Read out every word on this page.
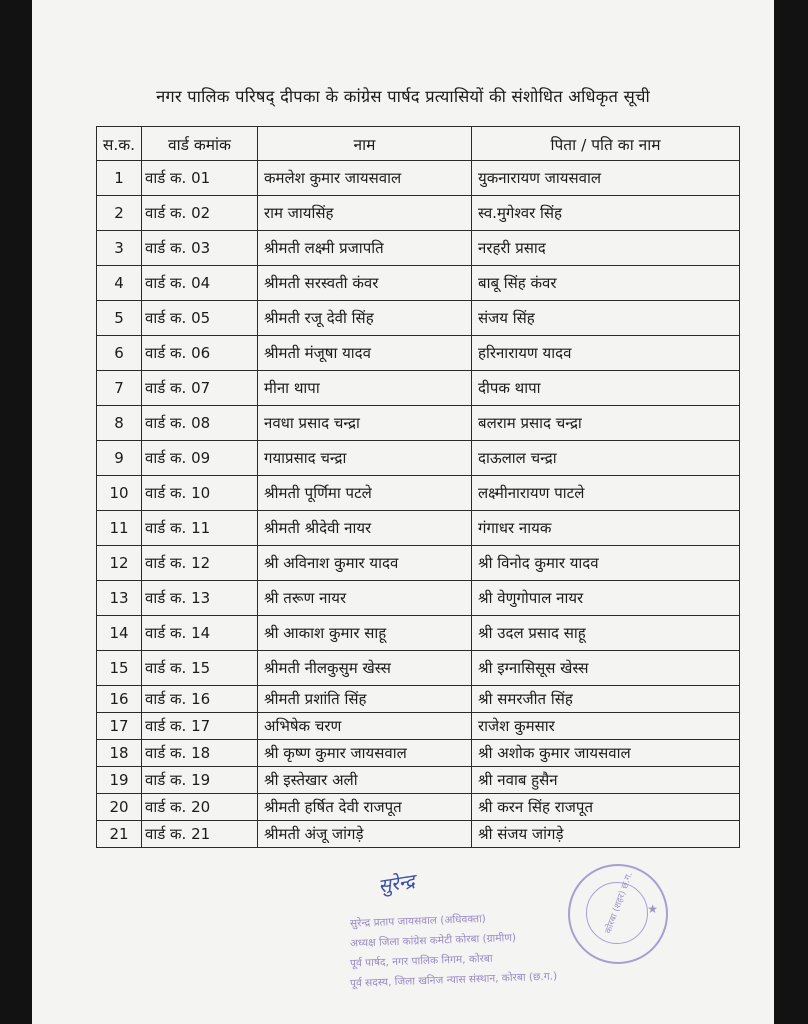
नगर पालिक परिषद् दीपका के कांग्रेस पार्षद प्रत्यासियों की संशोधित अधिकृत सूची
स.क.	वार्ड कमांक	नाम	पिता / पति का नाम
1	वार्ड क. 01	कमलेश कुमार जायसवाल	युकनारायण जायसवाल
2	वार्ड क. 02	राम जायसिंह	स्व.मुगेश्वर सिंह
3	वार्ड क. 03	श्रीमती लक्ष्मी प्रजापति	नरहरी प्रसाद
4	वार्ड क. 04	श्रीमती सरस्वती कंवर	बाबू सिंह कंवर
5	वार्ड क. 05	श्रीमती रजू देवी सिंह	संजय सिंह
6	वार्ड क. 06	श्रीमती मंजूषा यादव	हरिनारायण यादव
7	वार्ड क. 07	मीना थापा	दीपक थापा
8	वार्ड क. 08	नवधा प्रसाद चन्द्रा	बलराम प्रसाद चन्द्रा
9	वार्ड क. 09	गयाप्रसाद चन्द्रा	दाऊलाल चन्द्रा
10	वार्ड क. 10	श्रीमती पूर्णिमा पटले	लक्ष्मीनारायण पाटले
11	वार्ड क. 11	श्रीमती श्रीदेवी नायर	गंगाधर नायक
12	वार्ड क. 12	श्री अविनाश कुमार यादव	श्री विनोद कुमार यादव
13	वार्ड क. 13	श्री तरूण नायर	श्री वेणुगोपाल नायर
14	वार्ड क. 14	श्री आकाश कुमार साहू	श्री उदल प्रसाद साहू
15	वार्ड क. 15	श्रीमती नीलकुसुम खेस्स	श्री इग्नासिसूस खेस्स
16	वार्ड क. 16	श्रीमती प्रशांति सिंह	श्री समरजीत सिंह
17	वार्ड क. 17	अभिषेक चरण	राजेश कुमसार
18	वार्ड क. 18	श्री कृष्ण कुमार जायसवाल	श्री अशोक कुमार जायसवाल
19	वार्ड क. 19	श्री इस्तेखार अली	श्री नवाब हुसैन
20	वार्ड क. 20	श्रीमती हर्षित देवी राजपूत	श्री करन सिंह राजपूत
21	वार्ड क. 21	श्रीमती अंजू जांगड़े	श्री संजय जांगड़े
सुरेन्द्र
सुरेन्द्र प्रताप जायसवाल (अधिवक्ता)
अध्यक्ष जिला कांग्रेस कमेटी कोरबा (ग्रामीण)
पूर्व पार्षद, नगर पालिक निगम, कोरबा
पूर्व सदस्य, जिला खनिज न्यास संस्थान, कोरबा (छ.ग.)
कोरबा (शहर) छ.ग. ★
